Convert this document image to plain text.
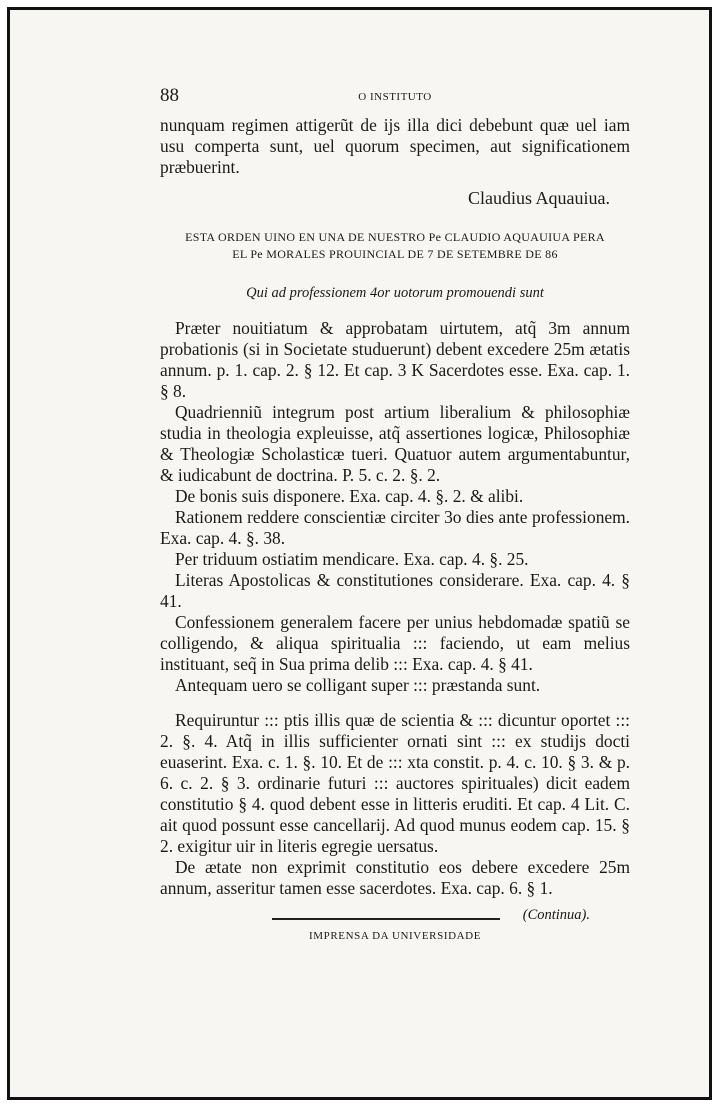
88	O INSTITUTO

nunquam regimen attigerũt de ijs illa dici debebunt quæ uel iam usu comperta sunt, uel quorum specimen, aut significationem præbuerint.

Claudius Aquauiua.
ESTA ORDEN UINO EN UNA DE NUESTRO Pe CLAUDIO AQUAUIUA PERA EL Pe MORALES PROUINCIAL DE 7 DE SETEMBRE DE 86
Qui ad professionem 4or uotorum promouendi sunt

Præter nouitiatum & approbatam uirtutem, atq̃ 3m annum probationis (si in Societate studuerunt) debent excedere 25m ætatis annum. p. 1. cap. 2. § 12. Et cap. 3 K Sacerdotes esse. Exa. cap. 1. § 8.

Quadrienniũ integrum post artium liberalium & philosophiæ studia in theologia expleuisse, atq̃ assertiones logicæ, Philosophiæ & Theologiæ Scholasticæ tueri. Quatuor autem argumentabuntur, & iudicabunt de doctrina. P. 5. c. 2. §. 2.

De bonis suis disponere. Exa. cap. 4. §. 2. & alibi.

Rationem reddere conscientiæ circiter 3o dies ante professionem. Exa. cap. 4. §. 38.

Per triduum ostiatim mendicare. Exa. cap. 4. §. 25.

Literas Apostolicas & constitutiones considerare. Exa. cap. 4. § 41.

Confessionem generalem facere per unius hebdomadæ spatiũ se colligendo, & aliqua spiritualia ::: faciendo, ut eam melius instituant, seq̃ in Sua prima delib ::: Exa. cap. 4. § 41.

Antequam uero se colligant super ::: præstanda sunt.

Requiruntur ::: ptis illis quæ de scientia & ::: dicuntur oportet ::: 2. §. 4. Atq̃ in illis sufficienter ornati sint ::: ex studijs docti euaserint. Exa. c. 1. §. 10. Et de ::: xta constit. p. 4. c. 10. § 3. & p. 6. c. 2. § 3. ordinarie futuri ::: auctores spirituales) dicit eadem constitutio § 4. quod debent esse in litteris eruditi. Et cap. 4 Lit. C. ait quod possunt esse cancellarij. Ad quod munus eodem cap. 15. § 2. exigitur uir in literis egregie uersatus.

De ætate non exprimit constitutio eos debere excedere 25m annum, asseritur tamen esse sacerdotes. Exa. cap. 6. § 1.

(Continua).
IMPRENSA DA UNIVERSIDADE
